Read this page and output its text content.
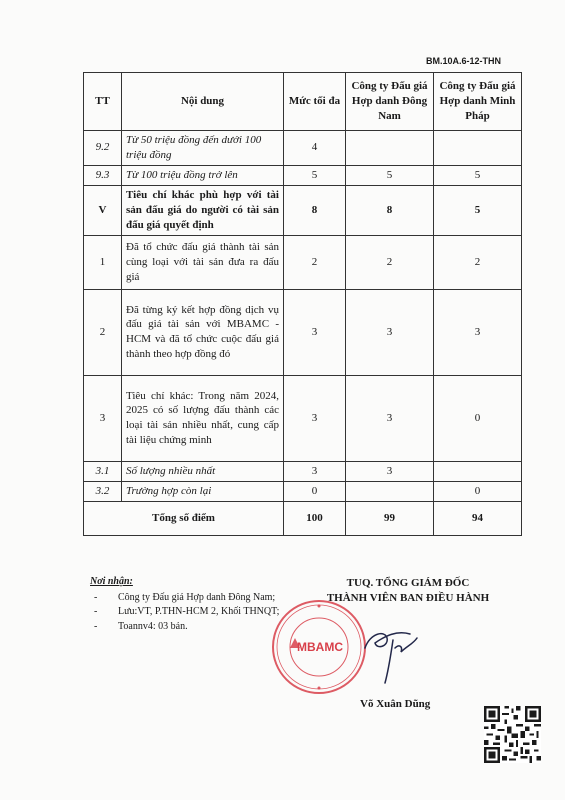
BM.10A.6-12-THN
TT	Nội dung	Mức tối đa	Công ty Đấu giá Hợp danh Đông Nam	Công ty Đấu giá Hợp danh Minh Pháp
9.2	Từ 50 triệu đồng đến dưới 100 triệu đồng	4		
9.3	Từ 100 triệu đồng trở lên	5	5	5
V	Tiêu chí khác phù hợp với tài sản đấu giá do người có tài sản đấu giá quyết định	8	8	5
1	Đã tổ chức đấu giá thành tài sản cùng loại với tài sản đưa ra đấu giá	2	2	2
2	Đã từng ký kết hợp đồng dịch vụ đấu giá tài sản với MBAMC - HCM và đã tổ chức cuộc đấu giá thành theo hợp đồng đó	3	3	3
3	Tiêu chí khác: Trong năm 2024, 2025 có số lượng đấu thành các loại tài sản nhiều nhất, cung cấp tài liệu chứng minh	3	3	0
3.1	Số lượng nhiều nhất	3	3	
3.2	Trường hợp còn lại	0		0
Tổng số điểm		100	99	94
Nơi nhận:
- Công ty Đấu giá Hợp danh Đông Nam;
- Lưu:VT, P.THN-HCM 2, Khối THNQT;
- Toannv4: 03 bản.
TUQ. TỔNG GIÁM ĐỐC
THÀNH VIÊN BAN ĐIỀU HÀNH
MBAMC
Võ Xuân Dũng
